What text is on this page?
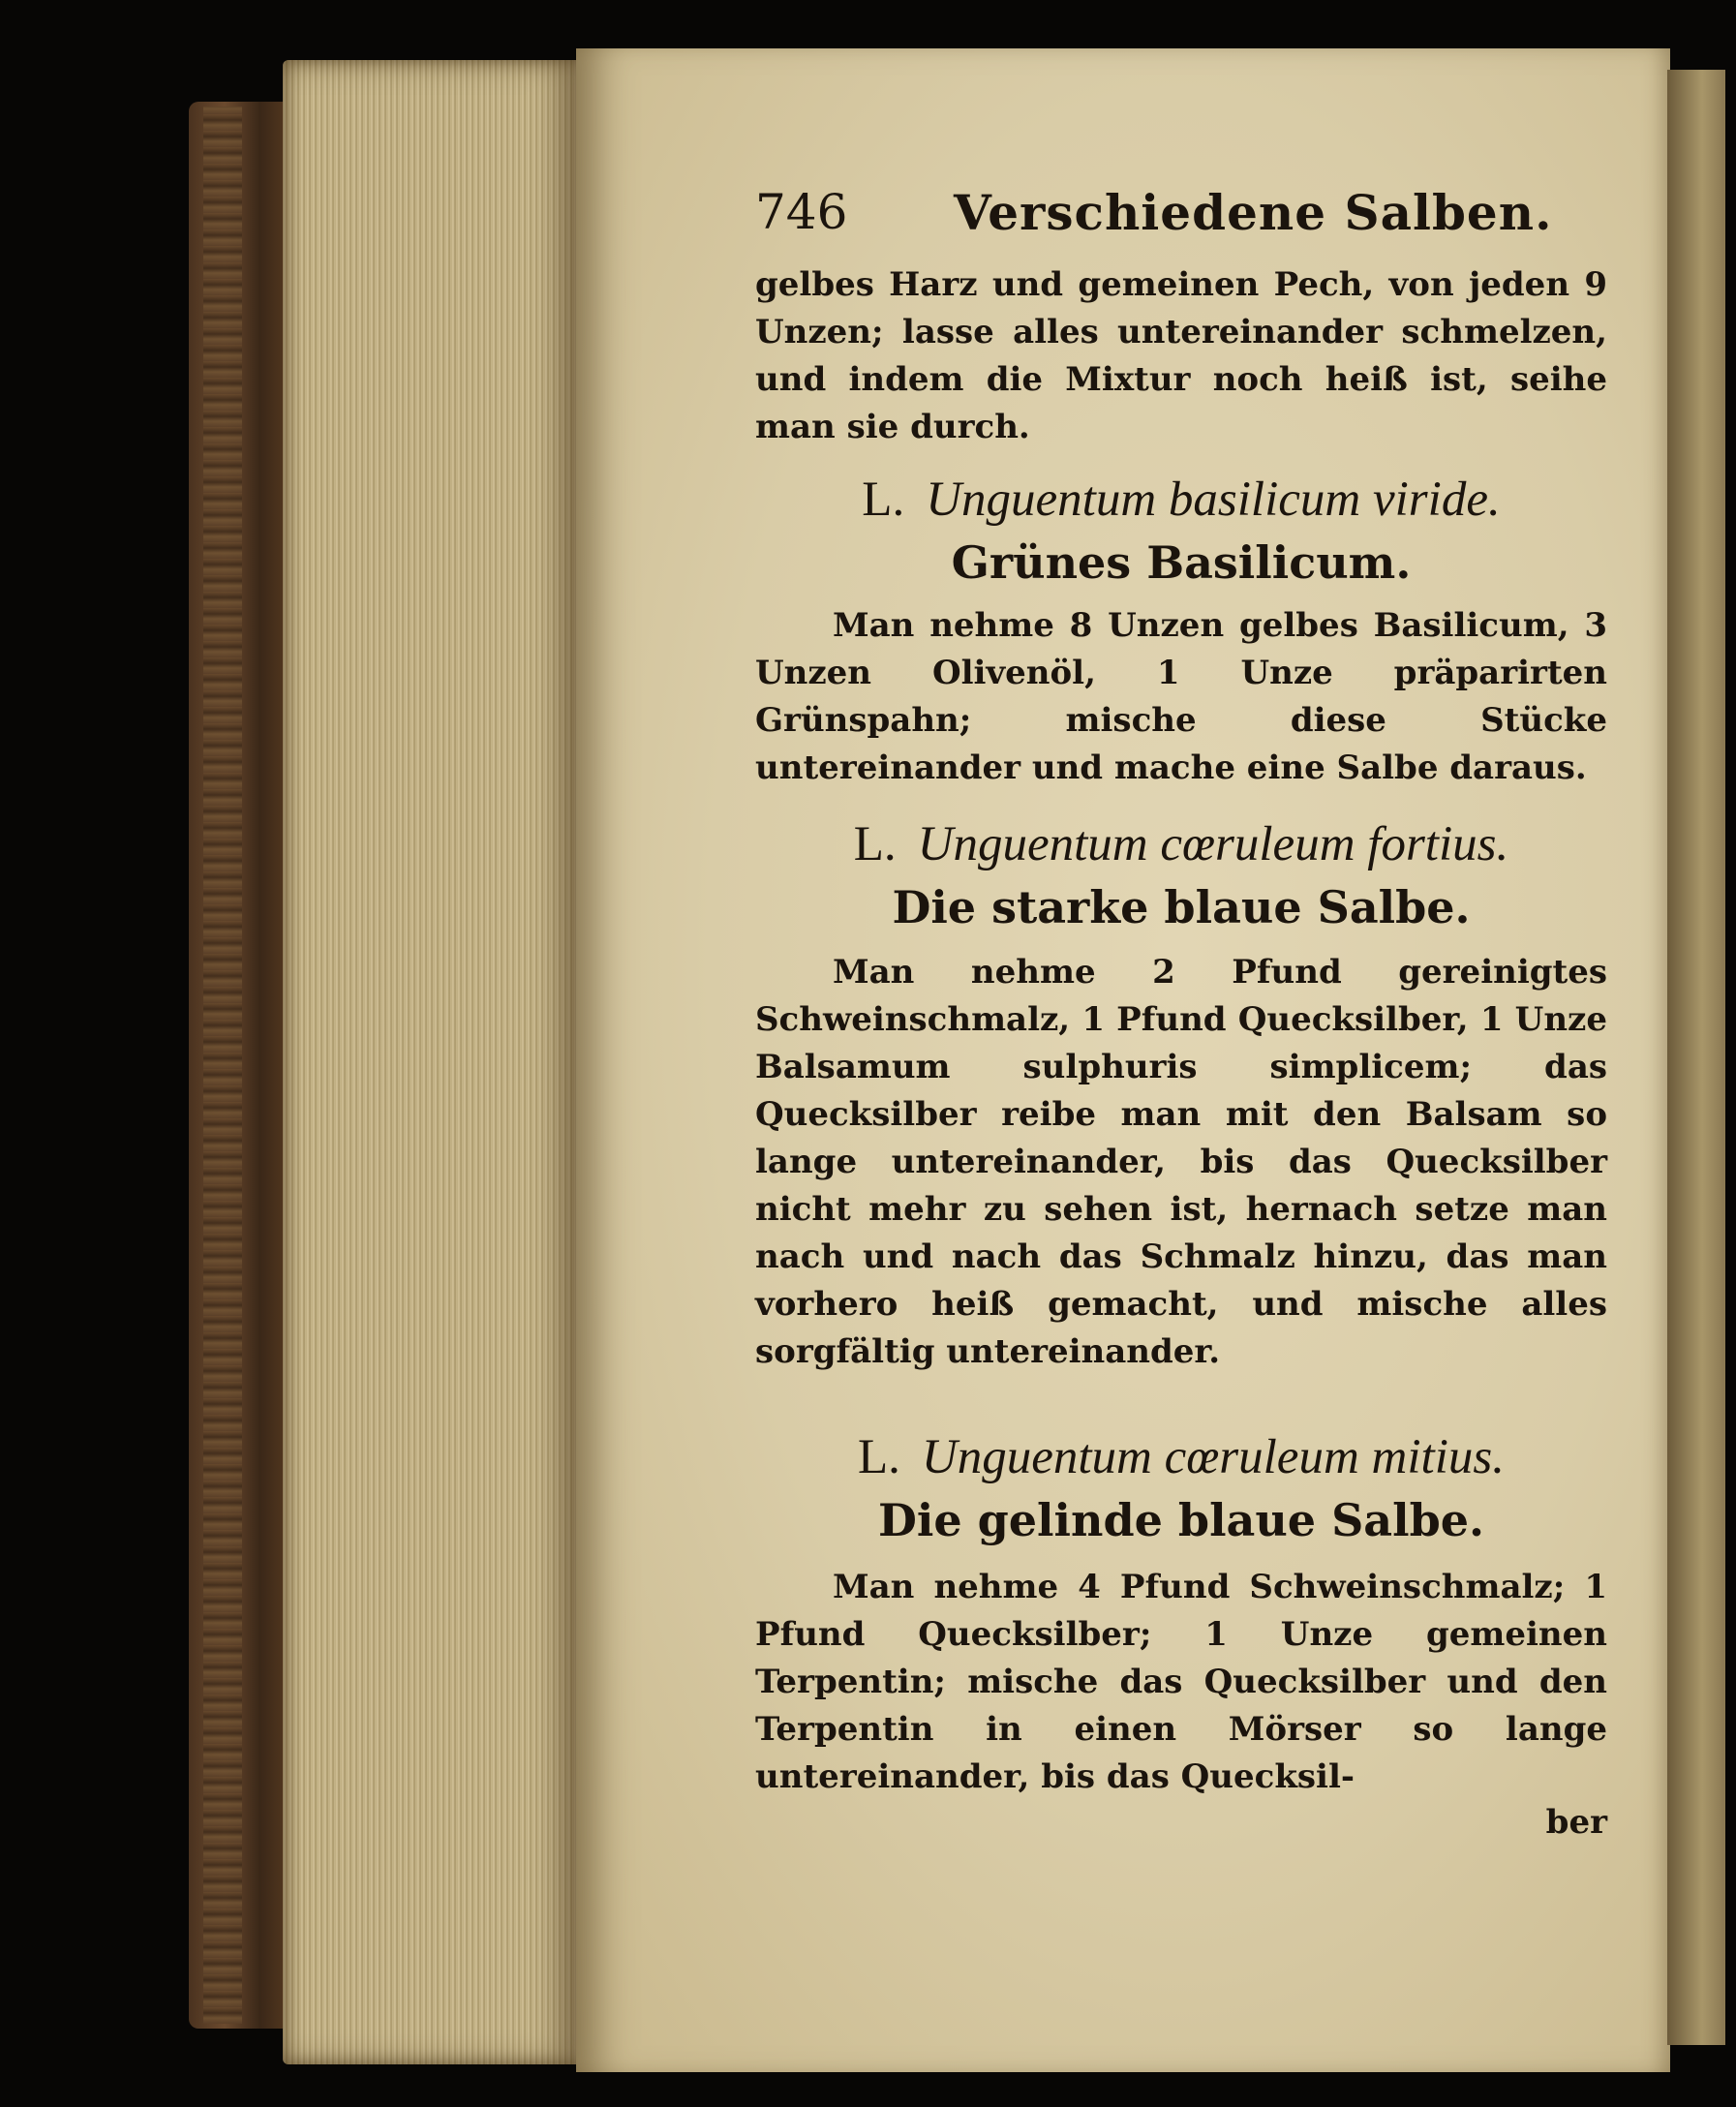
746 Verschiedene Salben.

gelbes Harz und gemeinen Pech, von jeden 9 Unzen; lasse alles untereinander schmelzen, und indem die Mixtur noch heiß ist, seihe man sie durch.

L. Unguentum basilicum viride.

Grünes Basilicum.

Man nehme 8 Unzen gelbes Basilicum, 3 Unzen Olivenöl, 1 Unze präparirten Grünspahn; mische diese Stücke untereinander und mache eine Salbe daraus.

L. Unguentum cœruleum fortius.

Die starke blaue Salbe.

Man nehme 2 Pfund gereinigtes Schweinschmalz, 1 Pfund Quecksilber, 1 Unze Balsamum sulphuris simplicem; das Quecksilber reibe man mit den Balsam so lange untereinander, bis das Quecksilber nicht mehr zu sehen ist, hernach setze man nach und nach das Schmalz hinzu, das man vorhero heiß gemacht, und mische alles sorgfältig untereinander.

L. Unguentum cœruleum mitius.

Die gelinde blaue Salbe.

Man nehme 4 Pfund Schweinschmalz; 1 Pfund Quecksilber; 1 Unze gemeinen Terpentin; mische das Quecksilber und den Terpentin in einen Mörser so lange untereinander, bis das Quecksil-

ber
